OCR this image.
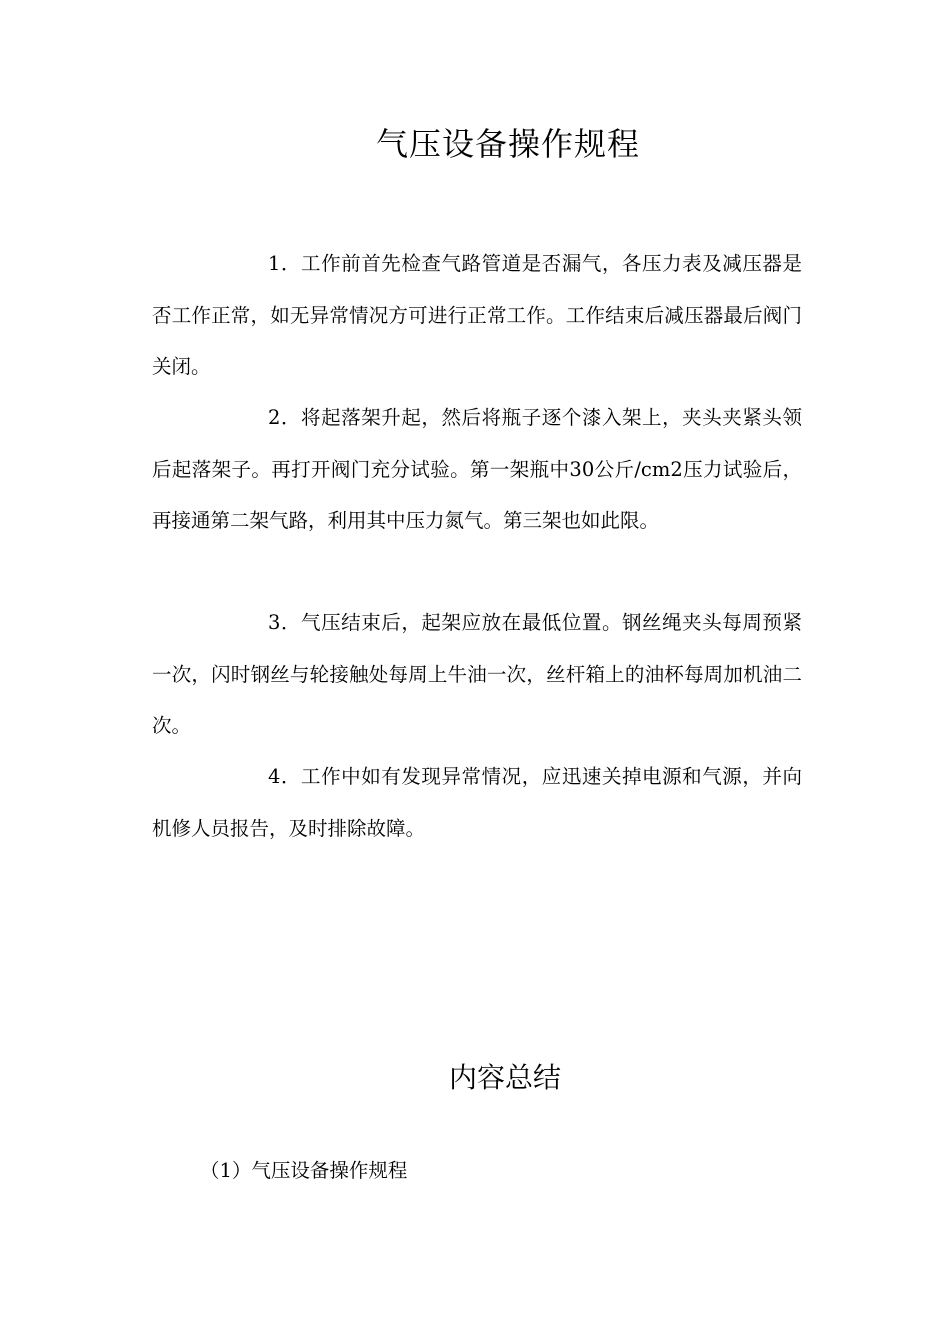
气压设备操作规程

1．工作前首先检查气路管道是否漏气，各压力表及减压器是否工作正常，如无异常情况方可进行正常工作。工作结束后减压器最后阀门关闭。

2．将起落架升起，然后将瓶子逐个漆入架上，夹头夹紧头领后起落架子。再打开阀门充分试验。第一架瓶中30公斤/cm2压力试验后，再接通第二架气路，利用其中压力氮气。第三架也如此限。

3．气压结束后，起架应放在最低位置。钢丝绳夹头每周预紧一次，闪时钢丝与轮接触处每周上牛油一次，丝杆箱上的油杯每周加机油二次。

4．工作中如有发现异常情况，应迅速关掉电源和气源，并向机修人员报告，及时排除故障。

内容总结
（1）气压设备操作规程
